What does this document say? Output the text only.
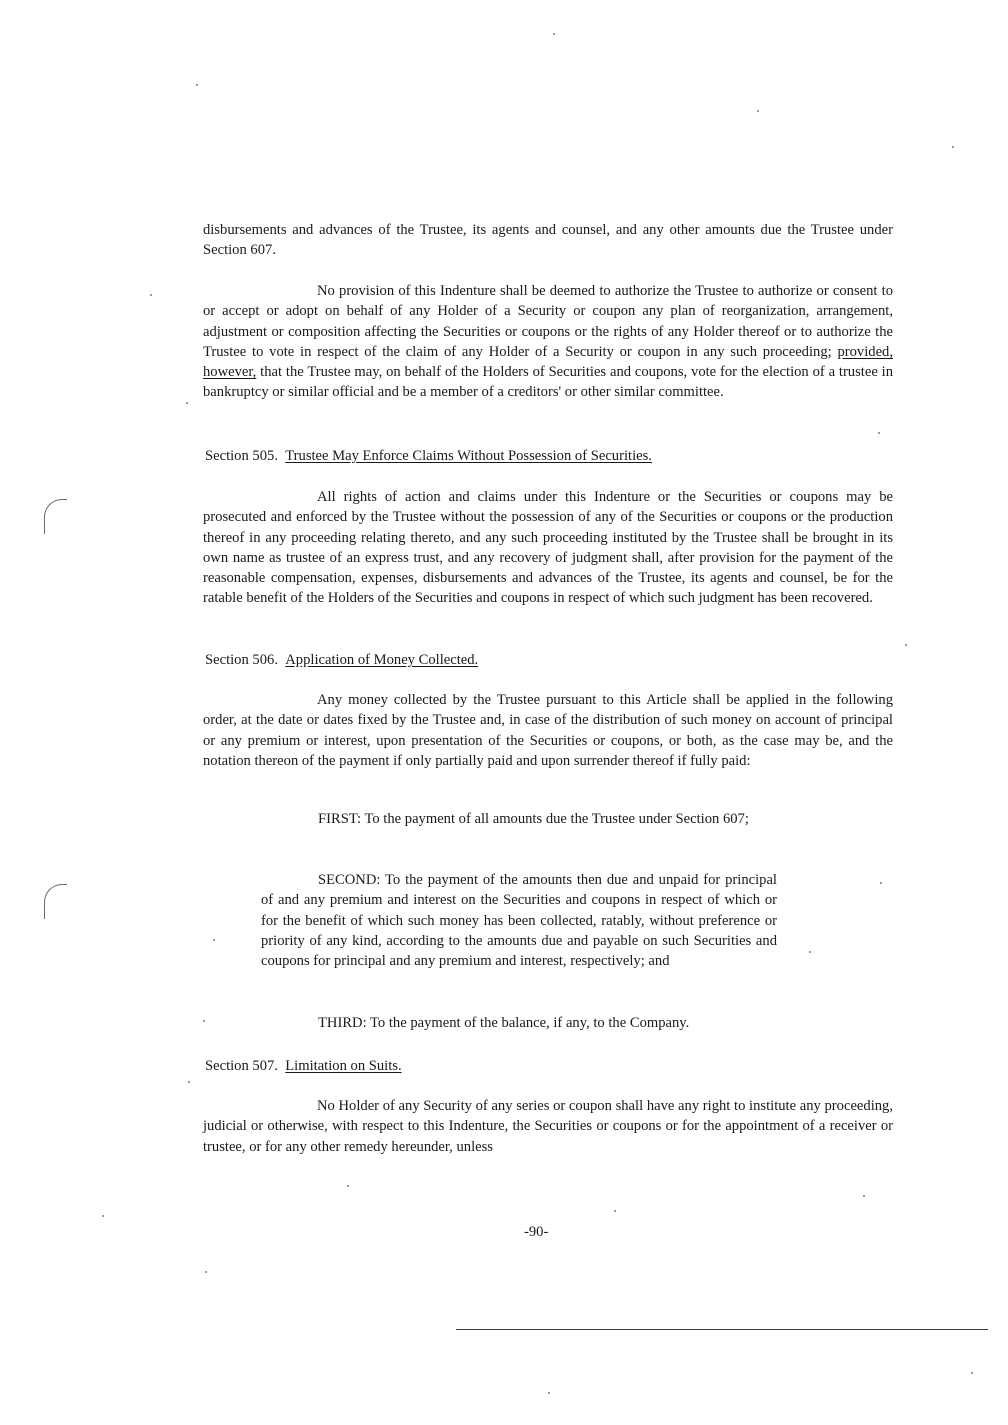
disbursements and advances of the Trustee, its agents and counsel, and any other amounts due the Trustee under Section 607.

No provision of this Indenture shall be deemed to authorize the Trustee to authorize or consent to or accept or adopt on behalf of any Holder of a Security or coupon any plan of reorganization, arrangement, adjustment or composition affecting the Securities or coupons or the rights of any Holder thereof or to authorize the Trustee to vote in respect of the claim of any Holder of a Security or coupon in any such proceeding; provided, however, that the Trustee may, on behalf of the Holders of Securities and coupons, vote for the election of a trustee in bankruptcy or similar official and be a member of a creditors' or other similar committee.

Section 505. Trustee May Enforce Claims Without Possession of Securities.

All rights of action and claims under this Indenture or the Securities or coupons may be prosecuted and enforced by the Trustee without the possession of any of the Securities or coupons or the production thereof in any proceeding relating thereto, and any such proceeding instituted by the Trustee shall be brought in its own name as trustee of an express trust, and any recovery of judgment shall, after provision for the payment of the reasonable compensation, expenses, disbursements and advances of the Trustee, its agents and counsel, be for the ratable benefit of the Holders of the Securities and coupons in respect of which such judgment has been recovered.

Section 506. Application of Money Collected.

Any money collected by the Trustee pursuant to this Article shall be applied in the following order, at the date or dates fixed by the Trustee and, in case of the distribution of such money on account of principal or any premium or interest, upon presentation of the Securities or coupons, or both, as the case may be, and the notation thereon of the payment if only partially paid and upon surrender thereof if fully paid:

FIRST: To the payment of all amounts due the Trustee under Section 607;

SECOND: To the payment of the amounts then due and unpaid for principal of and any premium and interest on the Securities and coupons in respect of which or for the benefit of which such money has been collected, ratably, without preference or priority of any kind, according to the amounts due and payable on such Securities and coupons for principal and any premium and interest, respectively; and

THIRD: To the payment of the balance, if any, to the Company.

Section 507. Limitation on Suits.

No Holder of any Security of any series or coupon shall have any right to institute any proceeding, judicial or otherwise, with respect to this Indenture, the Securities or coupons or for the appointment of a receiver or trustee, or for any other remedy hereunder, unless

-90-
